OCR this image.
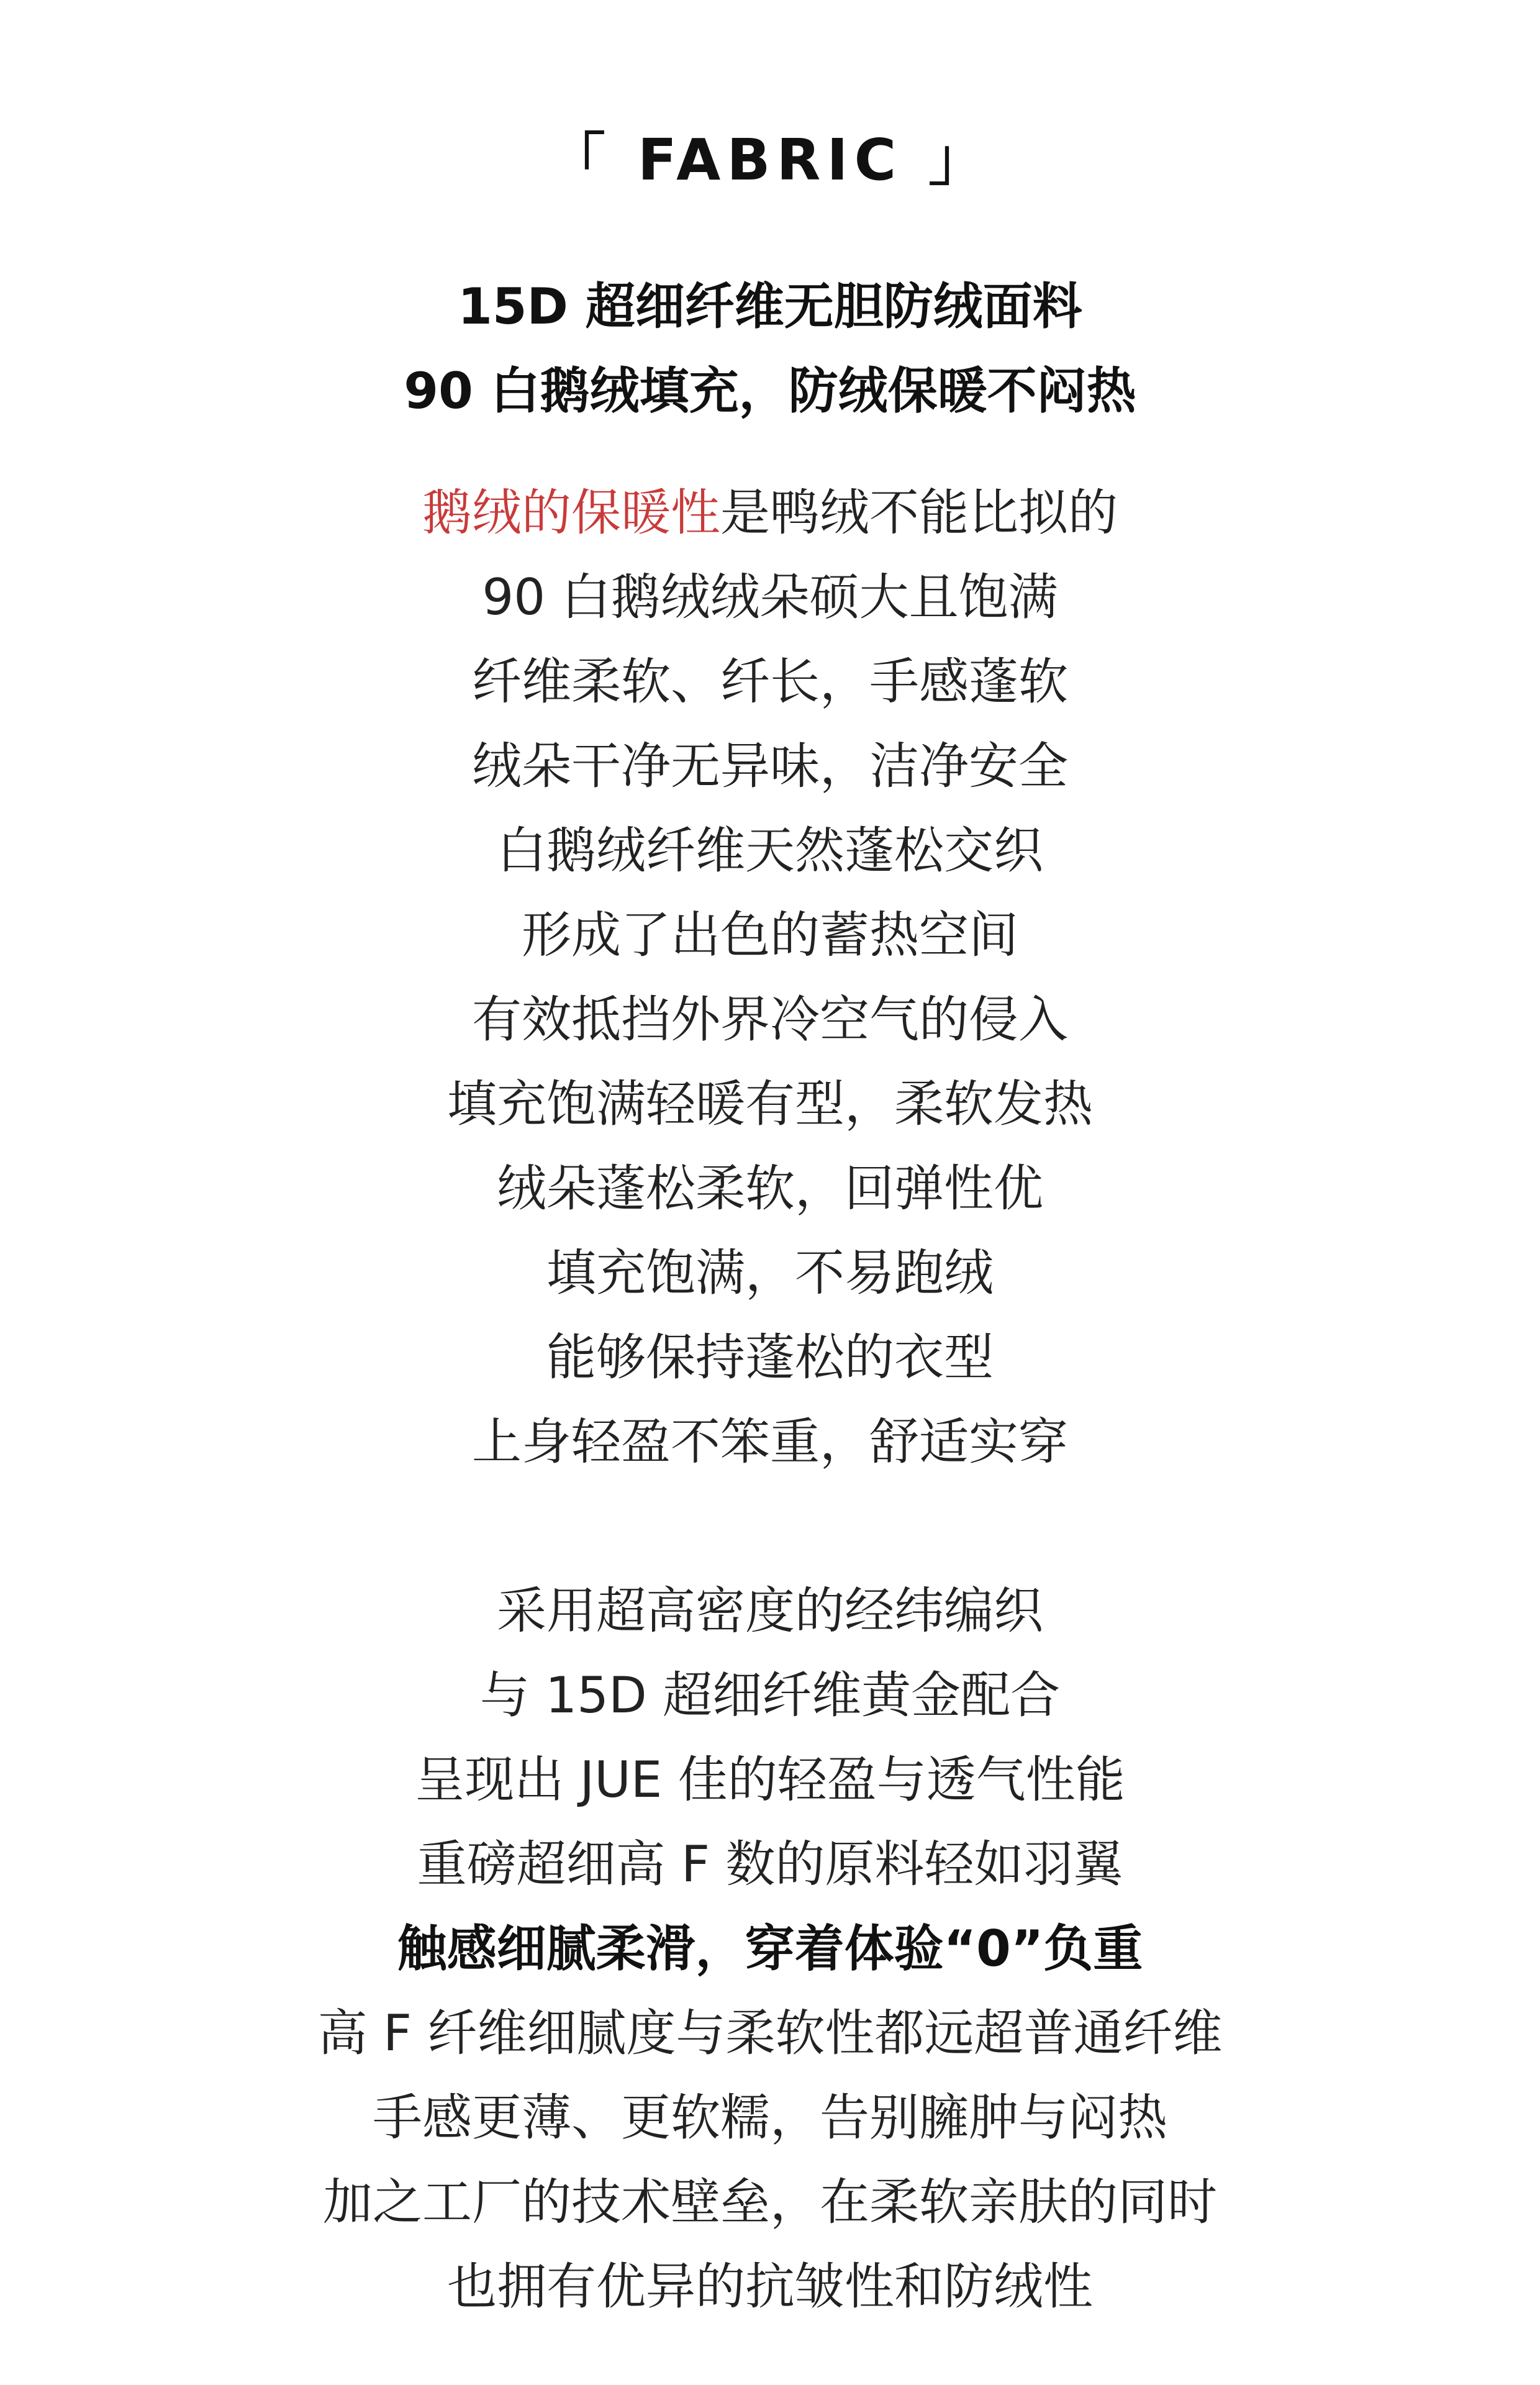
「 FABRIC 」

15D 超细纤维无胆防绒面料

90 白鹅绒填充，防绒保暖不闷热

鹅绒的保暖性是鸭绒不能比拟的

90 白鹅绒绒朵硕大且饱满

纤维柔软、纤长，手感蓬软

绒朵干净无异味，洁净安全

白鹅绒纤维天然蓬松交织

形成了出色的蓄热空间

有效抵挡外界冷空气的侵入

填充饱满轻暖有型，柔软发热

绒朵蓬松柔软，回弹性优

填充饱满，不易跑绒

能够保持蓬松的衣型

上身轻盈不笨重，舒适实穿

采用超高密度的经纬编织

与 15D 超细纤维黄金配合

呈现出 JUE 佳的轻盈与透气性能

重磅超细高 F 数的原料轻如羽翼

触感细腻柔滑，穿着体验“0”负重

高 F 纤维细腻度与柔软性都远超普通纤维

手感更薄、更软糯，告别臃肿与闷热

加之工厂的技术壁垒，在柔软亲肤的同时

也拥有优异的抗皱性和防绒性
